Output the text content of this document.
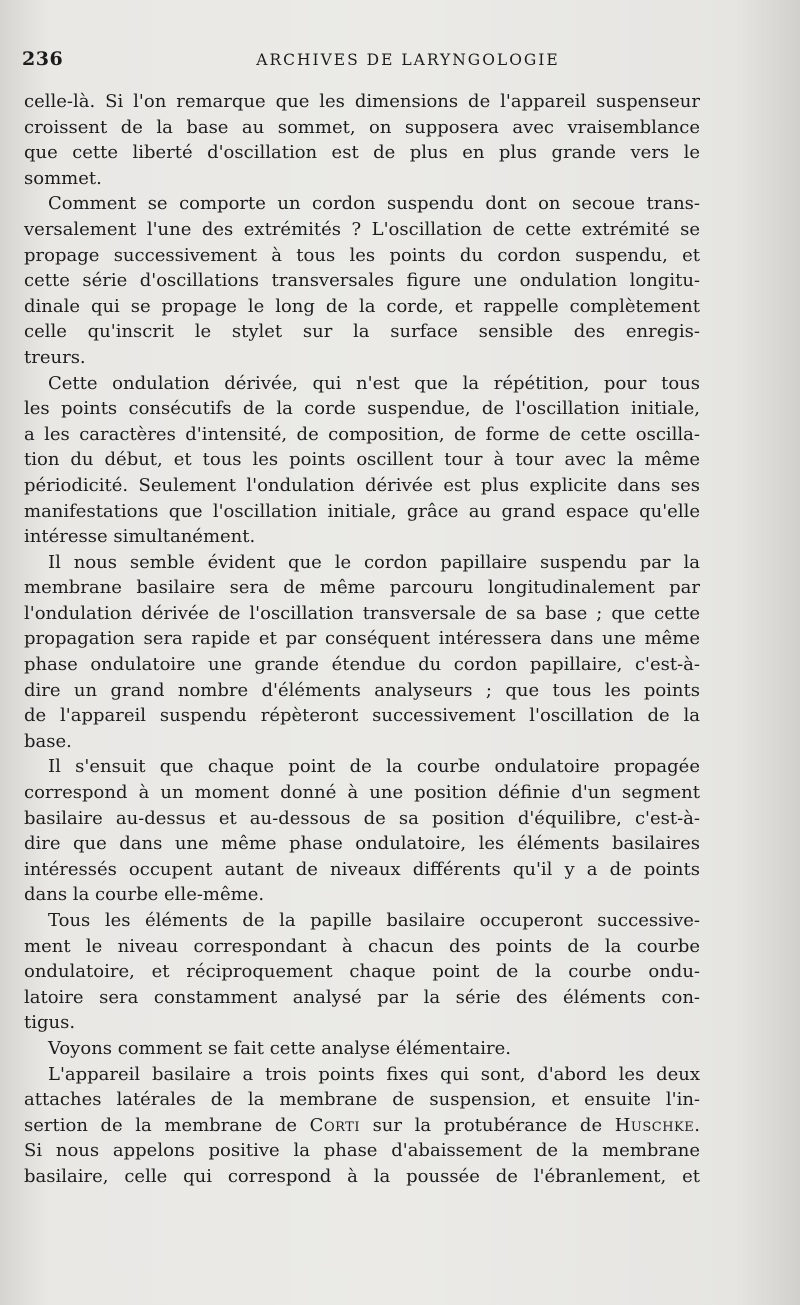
236	ARCHIVES DE LARYNGOLOGIE

celle-là. Si l'on remarque que les dimensions de l'appareil suspenseur
croissent de la base au sommet, on supposera avec vraisemblance
que cette liberté d'oscillation est de plus en plus grande vers le
sommet.

Comment se comporte un cordon suspendu dont on secoue trans-
versalement l'une des extrémités ? L'oscillation de cette extrémité se
propage successivement à tous les points du cordon suspendu, et
cette série d'oscillations transversales figure une ondulation longitu-
dinale qui se propage le long de la corde, et rappelle complètement
celle qu'inscrit le stylet sur la surface sensible des enregis-
treurs.

Cette ondulation dérivée, qui n'est que la répétition, pour tous
les points consécutifs de la corde suspendue, de l'oscillation initiale,
a les caractères d'intensité, de composition, de forme de cette oscilla-
tion du début, et tous les points oscillent tour à tour avec la même
périodicité. Seulement l'ondulation dérivée est plus explicite dans ses
manifestations que l'oscillation initiale, grâce au grand espace qu'elle
intéresse simultanément.

Il nous semble évident que le cordon papillaire suspendu par la
membrane basilaire sera de même parcouru longitudinalement par
l'ondulation dérivée de l'oscillation transversale de sa base ; que cette
propagation sera rapide et par conséquent intéressera dans une même
phase ondulatoire une grande étendue du cordon papillaire, c'est-à-
dire un grand nombre d'éléments analyseurs ; que tous les points
de l'appareil suspendu répèteront successivement l'oscillation de la
base.

Il s'ensuit que chaque point de la courbe ondulatoire propagée
correspond à un moment donné à une position définie d'un segment
basilaire au-dessus et au-dessous de sa position d'équilibre, c'est-à-
dire que dans une même phase ondulatoire, les éléments basilaires
intéressés occupent autant de niveaux différents qu'il y a de points
dans la courbe elle-même.

Tous les éléments de la papille basilaire occuperont successive-
ment le niveau correspondant à chacun des points de la courbe
ondulatoire, et réciproquement chaque point de la courbe ondu-
latoire sera constamment analysé par la série des éléments con-
tigus.

Voyons comment se fait cette analyse élémentaire.

L'appareil basilaire a trois points fixes qui sont, d'abord les deux
attaches latérales de la membrane de suspension, et ensuite l'in-
sertion de la membrane de Corti sur la protubérance de Huschke.
Si nous appelons positive la phase d'abaissement de la membrane
basilaire, celle qui correspond à la poussée de l'ébranlement, et
